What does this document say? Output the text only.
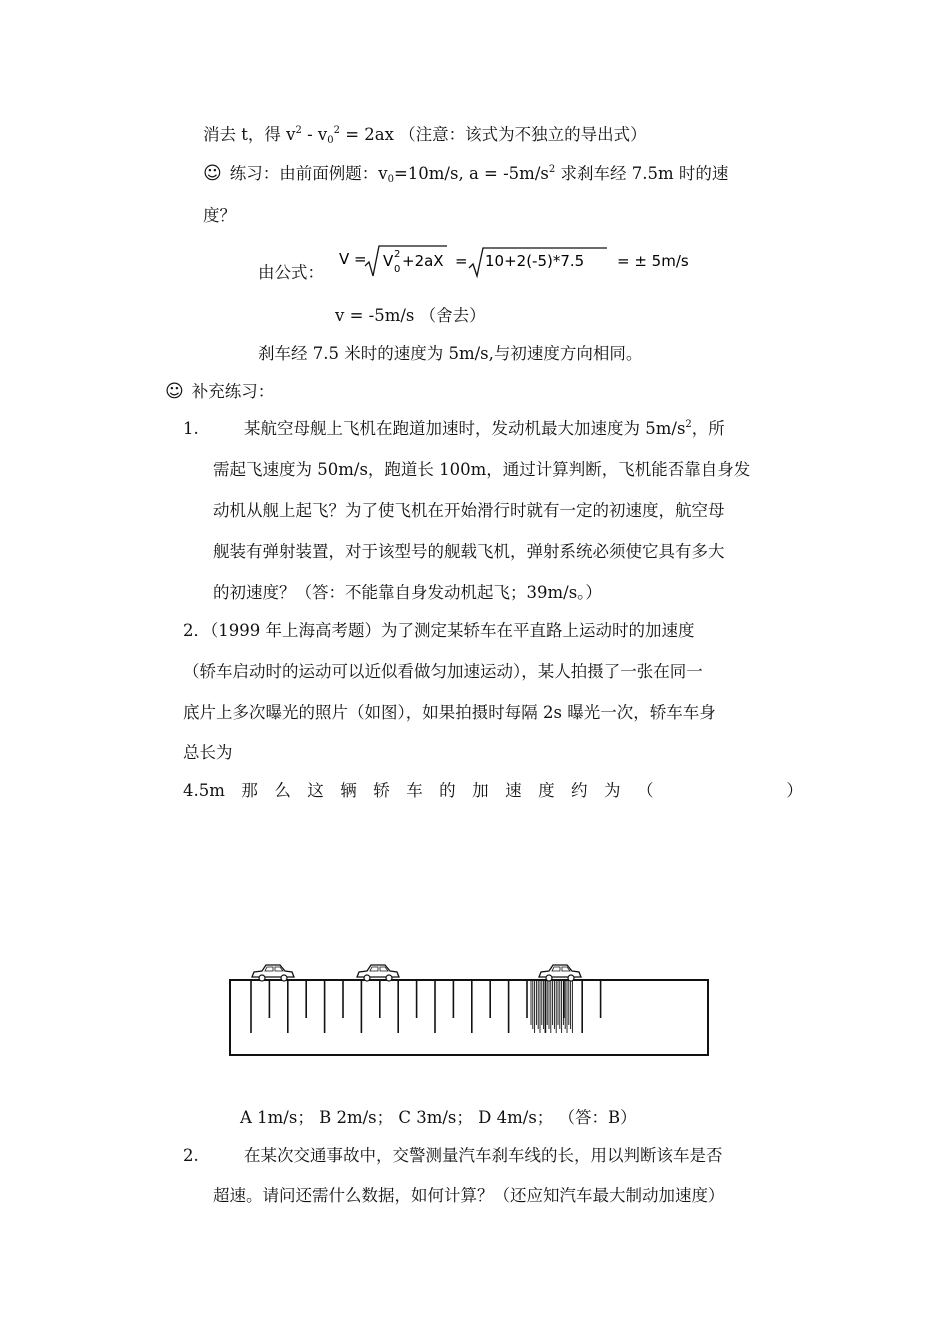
消去 t，得 $v^2 - v_0^2 = 2ax$ （注意：该式为不独立的导出式）
☺ 练习：由前面例题：$v_0=10m/s$, $a = -5m/s^2$ 求刹车经 7.5m 时的速
度？
由公式：
V = V 0
2 +2aX = 10+2(-5)*7.5 = ± 5m/s
v = -5m/s （舍去）
刹车经 7.5 米时的速度为 5m/s,与初速度方向相同。
☺ 补充练习：
1.	某航空母舰上飞机在跑道加速时，发动机最大加速度为 $5m/s^2$，所
需起飞速度为 50m/s，跑道长 100m，通过计算判断，飞机能否靠自身发
动机从舰上起飞？为了使飞机在开始滑行时就有一定的初速度，航空母
舰装有弹射装置，对于该型号的舰载飞机，弹射系统必须使它具有多大
的初速度？（答：不能靠自身发动机起飞；39m/s。）
2．（1999 年上海高考题）为了测定某轿车在平直路上运动时的加速度
（轿车启动时的运动可以近似看做匀加速运动），某人拍摄了一张在同一
底片上多次曝光的照片（如图），如果拍摄时每隔 2s 曝光一次，轿车车身
总长为
4.5m 那 么 这 辆 轿 车 的 加 速 度 约 为 （	）
A 1m/s； B 2m/s； C 3m/s； D 4m/s； （答：B）
2.	在某次交通事故中，交警测量汽车刹车线的长，用以判断该车是否
超速。请问还需什么数据，如何计算？（还应知汽车最大制动加速度）
